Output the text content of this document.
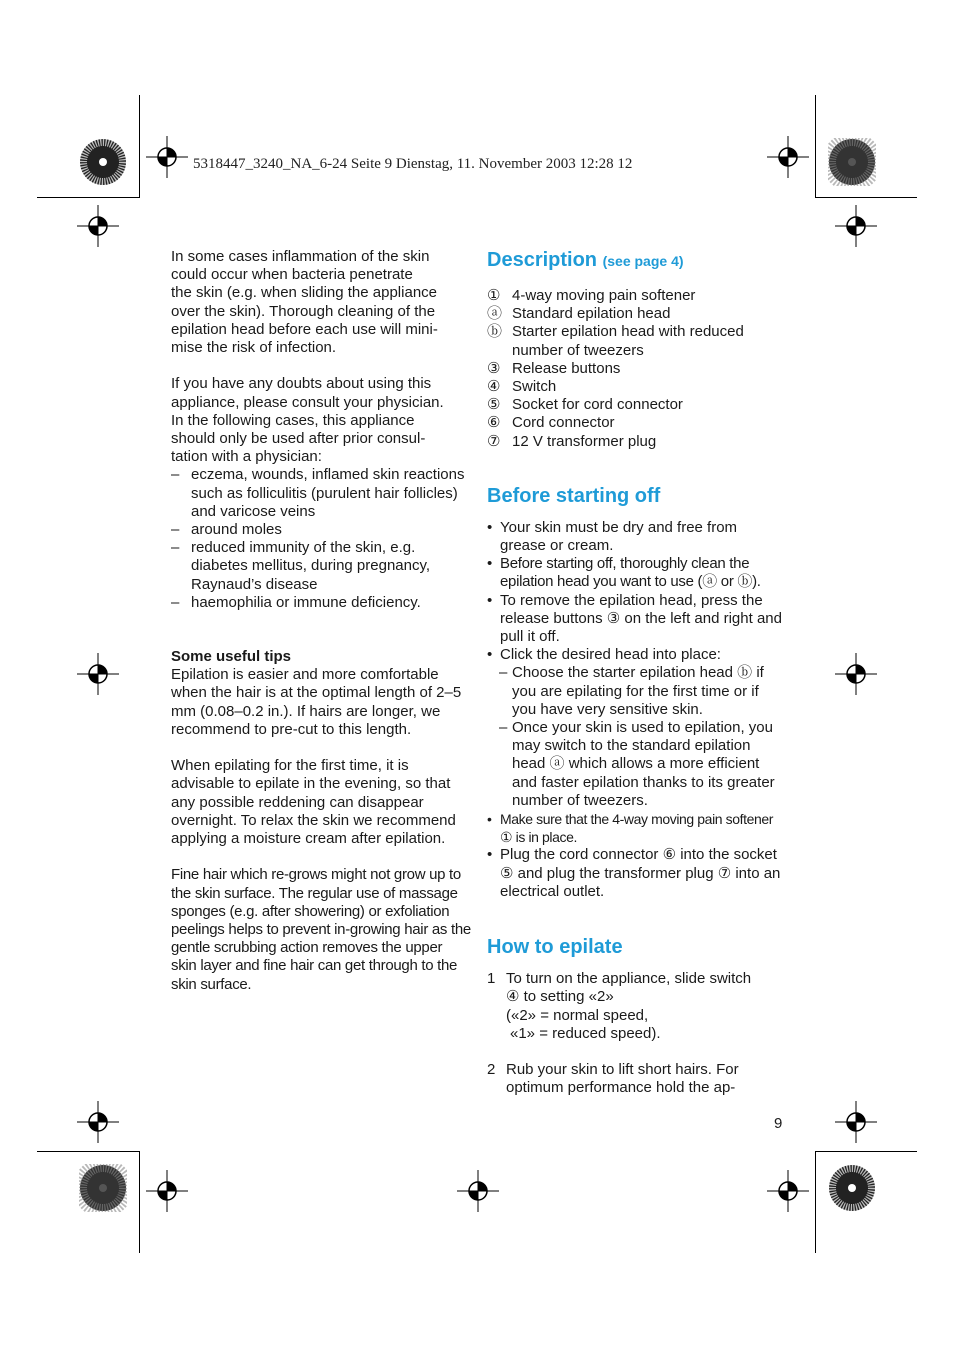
5318447_3240_NA_6-24 Seite 9 Dienstag, 11. November 2003 12:28 12

In some cases inflammation of the skin

could occur when bacteria penetrate

the skin (e.g. when sliding the appliance

over the skin). Thorough cleaning of the

epilation head before each use will mini-

mise the risk of infection.

If you have any doubts about using this

appliance, please consult your physician.

In the following cases, this appliance

should only be used after prior consul-

tation with a physician:

– eczema, wounds, inflamed skin reactions such as folliculitis (purulent hair follicles) and varicose veins
– around moles
– reduced immunity of the skin, e.g. diabetes mellitus, during pregnancy, Raynaud’s disease
– haemophilia or immune deficiency.

Some useful tips

Epilation is easier and more comfortable when the hair is at the optimal length of 2–5 mm (0.08–0.2 in.). If hairs are longer, we recommend to pre-cut to this length.

When epilating for the first time, it is advisable to epilate in the evening, so that any possible reddening can disappear overnight. To relax the skin we recommend applying a moisture cream after epilation.

Fine hair which re-grows might not grow up to the skin surface. The regular use of massage sponges (e.g. after showering) or exfoliation peelings helps to prevent in-growing hair as the gentle scrubbing action removes the upper skin layer and fine hair can get through to the skin surface.

Description (see page 4)
① 4-way moving pain softener
ⓐ Standard epilation head
ⓑ Starter epilation head with reduced number of tweezers
③ Release buttons
④ Switch
⑤ Socket for cord connector
⑥ Cord connector
⑦ 12 V transformer plug
Before starting off
• Your skin must be dry and free from grease or cream.
• Before starting off, thoroughly clean the epilation head you want to use (ⓐ or ⓑ).
• To remove the epilation head, press the release buttons ③ on the left and right and pull it off.
• Click the desired head into place:
– Choose the starter epilation head ⓑ if you are epilating for the first time or if you have very sensitive skin.
– Once your skin is used to epilation, you may switch to the standard epilation head ⓐ which allows a more efficient and faster epilation thanks to its greater number of tweezers.
• Make sure that the 4-way moving pain softener ① is in place.
• Plug the cord connector ⑥ into the socket ⑤ and plug the transformer plug ⑦ into an electrical outlet.
How to epilate
1 To turn on the appliance, slide switch

④ to setting «2»

(«2» = normal speed,

«1» = reduced speed).

2 Rub your skin to lift short hairs. For optimum performance hold the ap-
9
